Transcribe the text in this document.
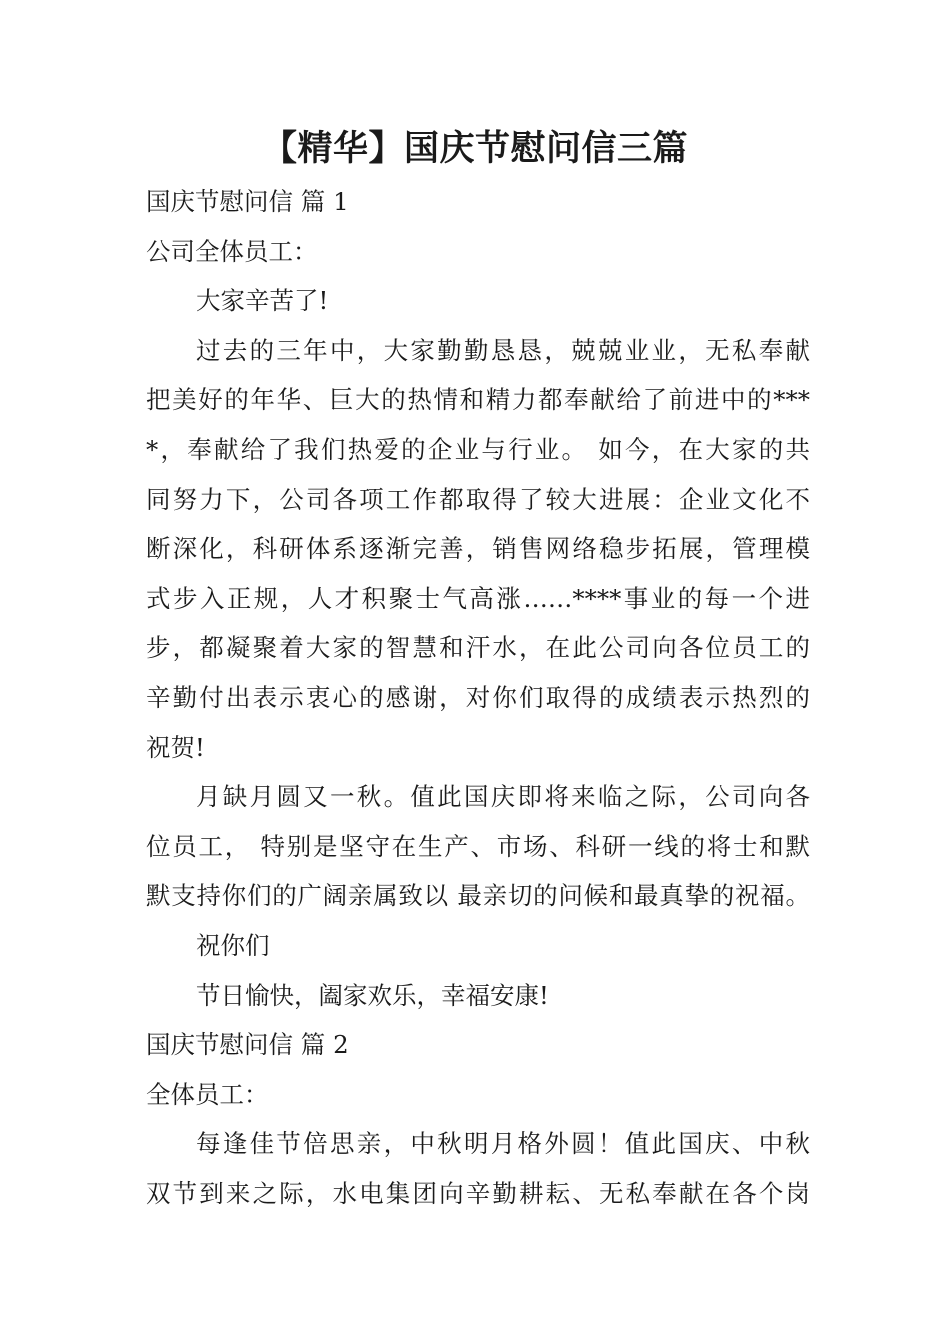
【精华】国庆节慰问信三篇
国庆节慰问信 篇 1
公司全体员工：
大家辛苦了!
过去的三年中，大家勤勤恳恳，兢兢业业，无私奉献
把美好的年华、巨大的热情和精力都奉献给了前进中的***
*，奉献给了我们热爱的企业与行业。 如今，在大家的共
同努力下，公司各项工作都取得了较大进展：企业文化不
断深化，科研体系逐渐完善，销售网络稳步拓展，管理模
式步入正规，人才积聚士气高涨……****事业的每一个进
步，都凝聚着大家的智慧和汗水，在此公司向各位员工的
辛勤付出表示衷心的感谢，对你们取得的成绩表示热烈的
祝贺!
月缺月圆又一秋。值此国庆即将来临之际，公司向各
位员工， 特别是坚守在生产、市场、科研一线的将士和默
默支持你们的广阔亲属致以 最亲切的问候和最真挚的祝福。
祝你们
节日愉快，阖家欢乐，幸福安康!
国庆节慰问信 篇 2
全体员工：
每逢佳节倍思亲，中秋明月格外圆！值此国庆、中秋
双节到来之际，水电集团向辛勤耕耘、无私奉献在各个岗
